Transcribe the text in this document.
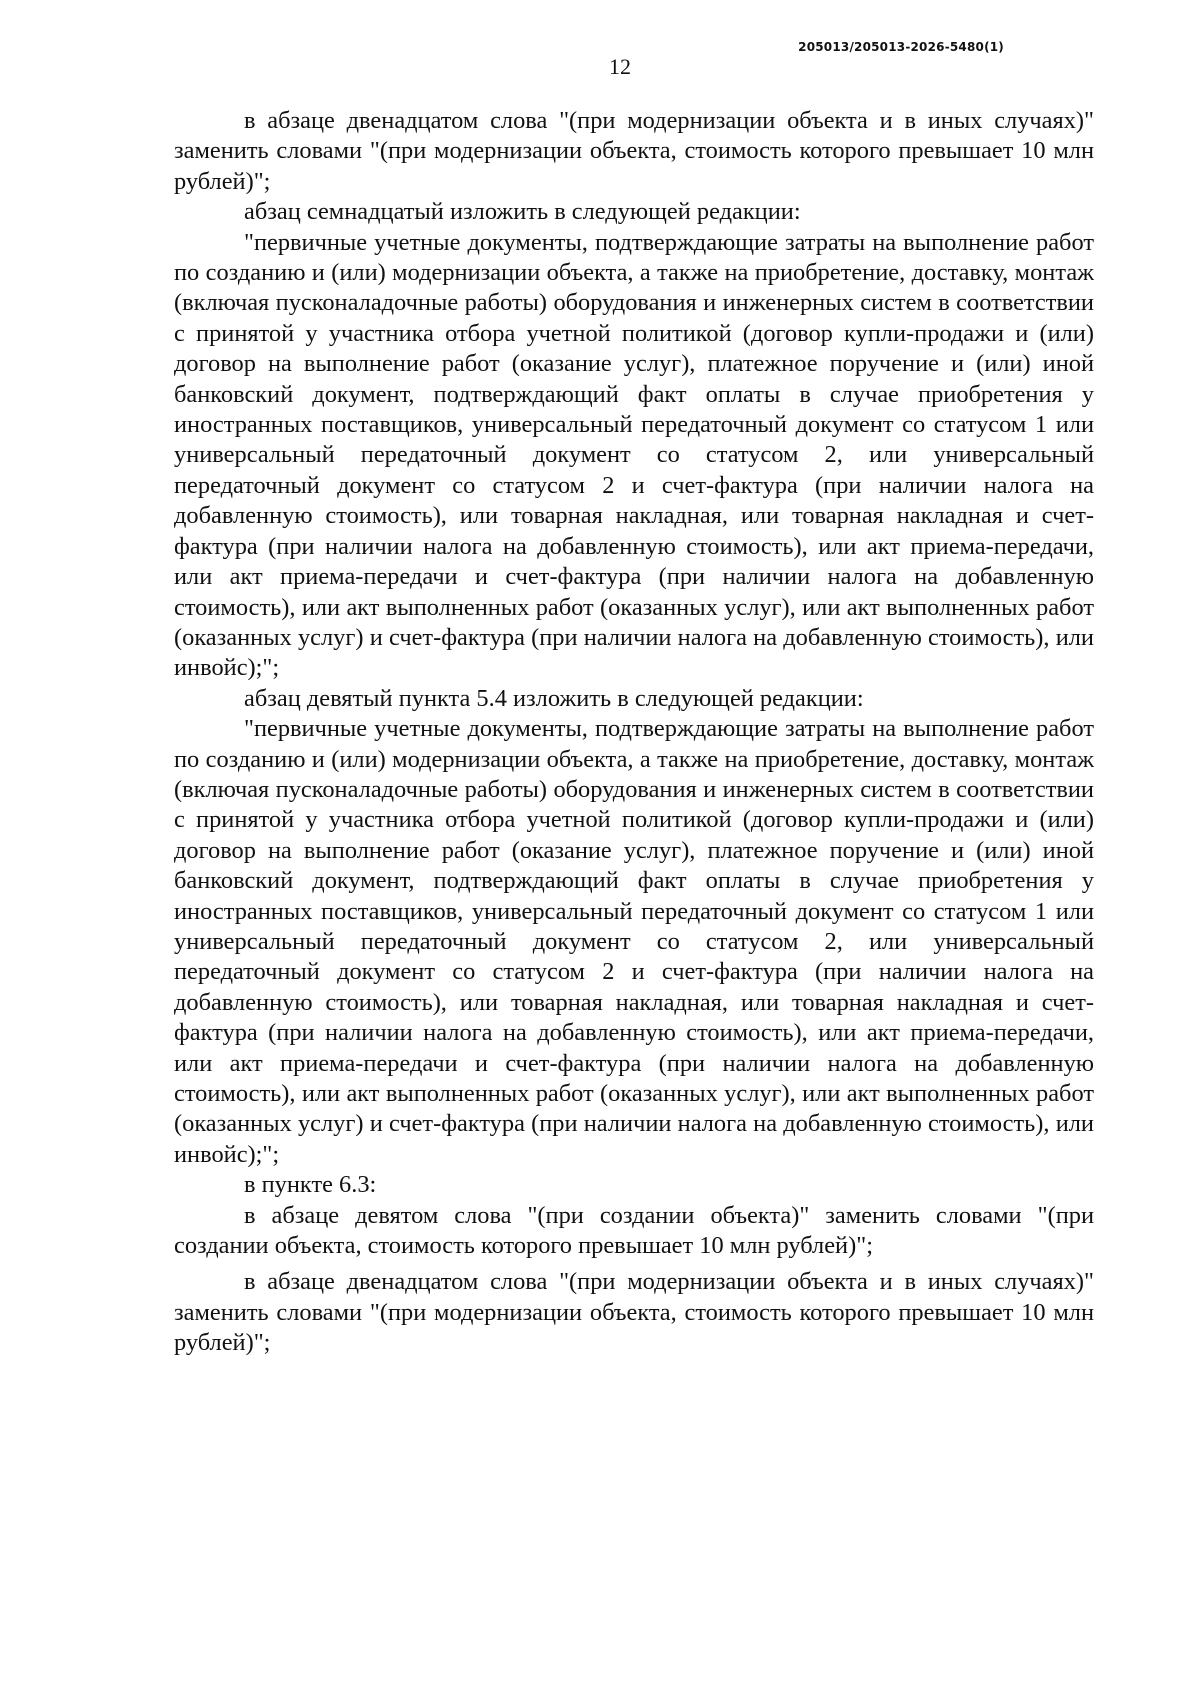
205013/205013-2026-5480(1)
12

в абзаце двенадцатом слова "(при модернизации объекта и в иных случаях)" заменить словами "(при модернизации объекта, стоимость которого превышает 10 млн рублей)";

абзац семнадцатый изложить в следующей редакции:

"первичные учетные документы, подтверждающие затраты на выполнение работ по созданию и (или) модернизации объекта, а также на приобретение, доставку, монтаж (включая пусконаладочные работы) оборудования и инженерных систем в соответствии с принятой у участника отбора учетной политикой (договор купли-продажи и (или) договор на выполнение работ (оказание услуг), платежное поручение и (или) иной банковский документ, подтверждающий факт оплаты в случае приобретения у иностранных поставщиков, универсальный передаточный документ со статусом 1 или универсальный передаточный документ со статусом 2, или универсальный передаточный документ со статусом 2 и счет-фактура (при наличии налога на добавленную стоимость), или товарная накладная, или товарная накладная и счет-фактура (при наличии налога на добавленную стоимость), или акт приема-передачи, или акт приема-передачи и счет-фактура (при наличии налога на добавленную стоимость), или акт выполненных работ (оказанных услуг), или акт выполненных работ (оказанных услуг) и счет-фактура (при наличии налога на добавленную стоимость), или инвойс);";

абзац девятый пункта 5.4 изложить в следующей редакции:

"первичные учетные документы, подтверждающие затраты на выполнение работ по созданию и (или) модернизации объекта, а также на приобретение, доставку, монтаж (включая пусконаладочные работы) оборудования и инженерных систем в соответствии с принятой у участника отбора учетной политикой (договор купли-продажи и (или) договор на выполнение работ (оказание услуг), платежное поручение и (или) иной банковский документ, подтверждающий факт оплаты в случае приобретения у иностранных поставщиков, универсальный передаточный документ со статусом 1 или универсальный передаточный документ со статусом 2, или универсальный передаточный документ со статусом 2 и счет-фактура (при наличии налога на добавленную стоимость), или товарная накладная, или товарная накладная и счет-фактура (при наличии налога на добавленную стоимость), или акт приема-передачи, или акт приема-передачи и счет-фактура (при наличии налога на добавленную стоимость), или акт выполненных работ (оказанных услуг), или акт выполненных работ (оказанных услуг) и счет-фактура (при наличии налога на добавленную стоимость), или инвойс);";

в пункте 6.3:

в абзаце девятом слова "(при создании объекта)" заменить словами "(при создании объекта, стоимость которого превышает 10 млн рублей)";

в абзаце двенадцатом слова "(при модернизации объекта и в иных случаях)" заменить словами "(при модернизации объекта, стоимость которого превышает 10 млн рублей)";
